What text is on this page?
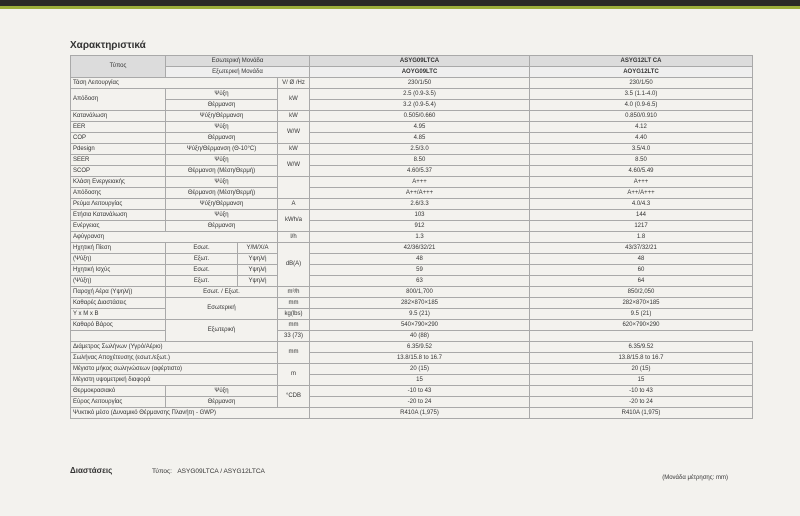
Χαρακτηριστικά
Τύπος	Εσωτερική Μονάδα			ASYG09LTCA	ASYG12LT CA
	Εξωτερική Μονάδα			AOYG09LTC	AOYG12LTC
Τάση Λειτουργίας			V/ Ø /Hz	230/1/50	230/1/50
Απόδοση	Ψύξη		kW	2.5 (0.9-3.5)	3.5 (1.1-4.0)
	Θέρμανση			3.2 (0.9-5.4)	4.0 (0.9-6.5)
Κατανάλωση	Ψύξη/Θέρμανση		kW	0.505/0.660	0.850/0.910
EER	Ψύξη		W/W	4.95	4.12
COP	Θέρμανση			4.85	4.40
Pdesign	Ψύξη/Θέρμανση (Θ-10°C)		kW	2.5/3.0	3.5/4.0
SEER	Ψύξη		W/W	8.50	8.50
SCOP	Θέρμανση (Μέση/Θερμή)			4.60/5.37	4.60/5.49
Κλάση Ενεργειακής	Ψύξη			A+++	A+++
Απόδοσης	Θέρμανση (Μέση/Θερμή)			A++/A+++	A++/A+++
Ρεύμα Λειτουργίας	Ψύξη/Θέρμανση		A	2.6/3.3	4.0/4.3
Ετήσια Κατανάλωση	Ψύξη		kWh/a	103	144
Ενέργειας	Θέρμανση			912	1217
Αφύγρανση			l/h	1.3	1.8
Ηχητική Πίεση	Εσωτ.	Υ/Μ/Χ/Α	dB(A)	42/36/32/21	43/37/32/21
(Ψύξη)	Εξωτ.	Υψηλή		48	48
Ηχητική Ισχύς	Εσωτ.	Υψηλή		59	60
(Ψύξη)	Εξωτ.	Υψηλή		63	64
Παροχή Αέρα (Υψηλή)	Εσωτ. / Εξωτ.		m³/h	800/1,700	850/2,050
Καθαρές Διαστάσεις	Εσωτερική		mm	282×870×185	282×870×185
Υ x Μ x Β			kg(lbs)	9.5 (21)	9.5 (21)
Καθαρό Βάρος	Εξωτερική		mm	540×790×290	620×790×290
			33 (73)	40 (88)	
Διάμετρος Σωλήνων (Υγρό/Αέριο)			mm	6.35/9.52	6.35/9.52
Σωλήνας Αποχέτευσης (εσωτ./εξωτ.)				13.8/15.8 to 16.7	13.8/15.8 to 16.7
Μέγιστο μήκος σωληνώσεων (αφέρτιστο)			m	20 (15)	20 (15)
Μέγιστη υψομετρική διαφορά				15	15
Θερμοκρασιακό	Ψύξη		°CDB	-10 to 43	-10 to 43
Εύρος Λειτουργίας	Θέρμανση			-20 to 24	-20 to 24
Ψυκτικό μέσο (Δυναμικό Θέρμανσης Πλανήτη - GWP)				R410A (1,975)	R410A (1,975)
Διαστάσεις	Τύπος: ASYG09LTCA / ASYG12LTCA
(Μονάδα μέτρησης: mm)
